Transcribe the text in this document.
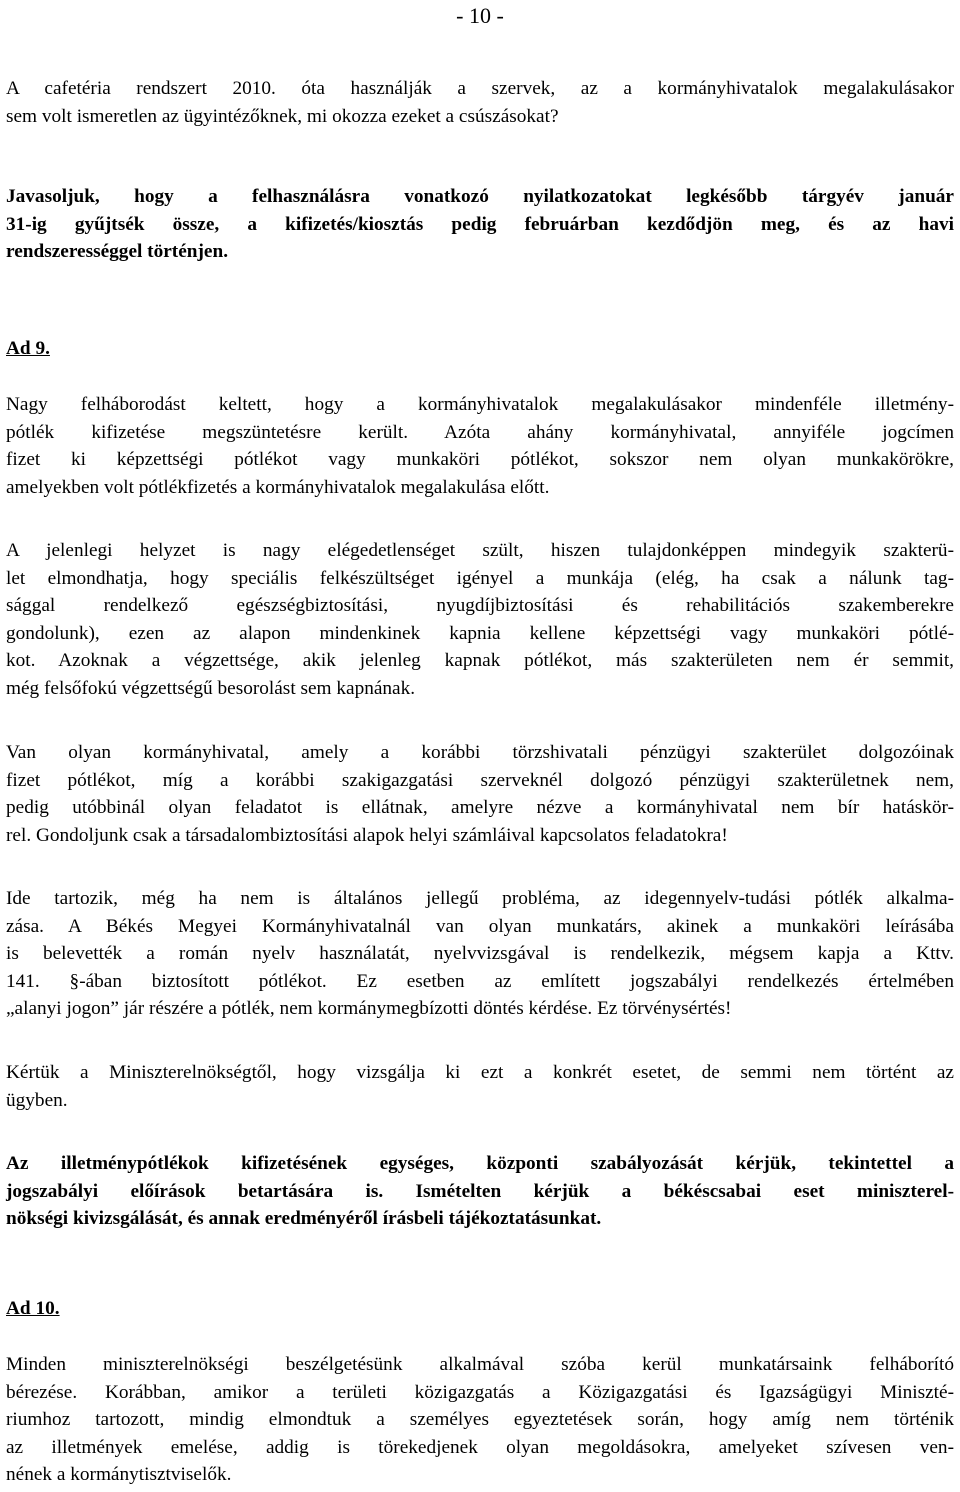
- 10 -
A cafetéria rendszert 2010. óta használják a szervek, az a kormányhivatalok megalakulásakor
sem volt ismeretlen az ügyintézőknek, mi okozza ezeket a csúszásokat?
Javasoljuk, hogy a felhasználásra vonatkozó nyilatkozatokat legkésőbb tárgyév január
31-ig gyűjtsék össze, a kifizetés/kiosztás pedig februárban kezdődjön meg, és az havi
rendszerességgel történjen.
Ad 9.
Nagy felháborodást keltett, hogy a kormányhivatalok megalakulásakor mindenféle illetmény-
pótlék kifizetése megszüntetésre került. Azóta ahány kormányhivatal, annyiféle jogcímen
fizet ki képzettségi pótlékot vagy munkaköri pótlékot, sokszor nem olyan munkakörökre,
amelyekben volt pótlékfizetés a kormányhivatalok megalakulása előtt.
A jelenlegi helyzet is nagy elégedetlenséget szült, hiszen tulajdonképpen mindegyik szakterü-
let elmondhatja, hogy speciális felkészültséget igényel a munkája (elég, ha csak a nálunk tag-
sággal rendelkező egészségbiztosítási, nyugdíjbiztosítási és rehabilitációs szakemberekre
gondolunk), ezen az alapon mindenkinek kapnia kellene képzettségi vagy munkaköri pótlé-
kot. Azoknak a végzettsége, akik jelenleg kapnak pótlékot, más szakterületen nem ér semmit,
még felsőfokú végzettségű besorolást sem kapnának.
Van olyan kormányhivatal, amely a korábbi törzshivatali pénzügyi szakterület dolgozóinak
fizet pótlékot, míg a korábbi szakigazgatási szerveknél dolgozó pénzügyi szakterületnek nem,
pedig utóbbinál olyan feladatot is ellátnak, amelyre nézve a kormányhivatal nem bír hatáskör-
rel. Gondoljunk csak a társadalombiztosítási alapok helyi számláival kapcsolatos feladatokra!
Ide tartozik, még ha nem is általános jellegű probléma, az idegennyelv-tudási pótlék alkalma-
zása. A Békés Megyei Kormányhivatalnál van olyan munkatárs, akinek a munkaköri leírásába
is belevették a román nyelv használatát, nyelvvizsgával is rendelkezik, mégsem kapja a Kttv.
141. §-ában biztosított pótlékot. Ez esetben az említett jogszabályi rendelkezés értelmében
„alanyi jogon” jár részére a pótlék, nem kormánymegbízotti döntés kérdése. Ez törvénysértés!
Kértük a Miniszterelnökségtől, hogy vizsgálja ki ezt a konkrét esetet, de semmi nem történt az
ügyben.
Az illetménypótlékok kifizetésének egységes, központi szabályozását kérjük, tekintettel a
jogszabályi előírások betartására is. Ismételten kérjük a békéscsabai eset miniszterel-
nökségi kivizsgálását, és annak eredményéről írásbeli tájékoztatásunkat.
Ad 10.
Minden miniszterelnökségi beszélgetésünk alkalmával szóba kerül munkatársaink felháborító
bérezése. Korábban, amikor a területi közigazgatás a Közigazgatási és Igazságügyi Miniszté-
riumhoz tartozott, mindig elmondtuk a személyes egyeztetések során, hogy amíg nem történik
az illetmények emelése, addig is törekedjenek olyan megoldásokra, amelyeket szívesen ven-
nének a kormánytisztviselők.
